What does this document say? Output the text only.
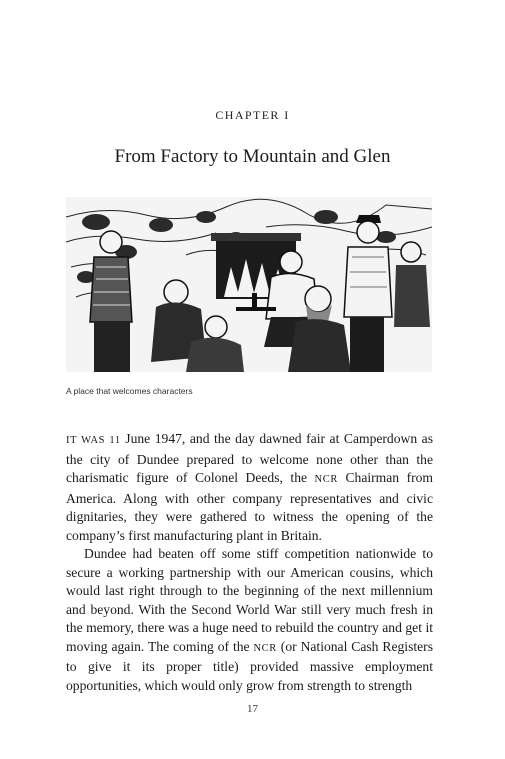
CHAPTER I
From Factory to Mountain and Glen
A place that welcomes characters

IT WAS 11 June 1947, and the day dawned fair at Camperdown as the city of Dundee prepared to welcome none other than the charismatic figure of Colonel Deeds, the NCR Chairman from America. Along with other company representatives and civic dignitaries, they were gathered to witness the opening of the company’s first manufacturing plant in Britain.

Dundee had beaten off some stiff competition nationwide to secure a working partnership with our American cousins, which would last right through to the beginning of the next millennium and beyond. With the Second World War still very much fresh in the memory, there was a huge need to rebuild the country and get it moving again. The coming of the NCR (or National Cash Registers to give it its proper title) provided massive employment opportunities, which would only grow from strength to strength

17
